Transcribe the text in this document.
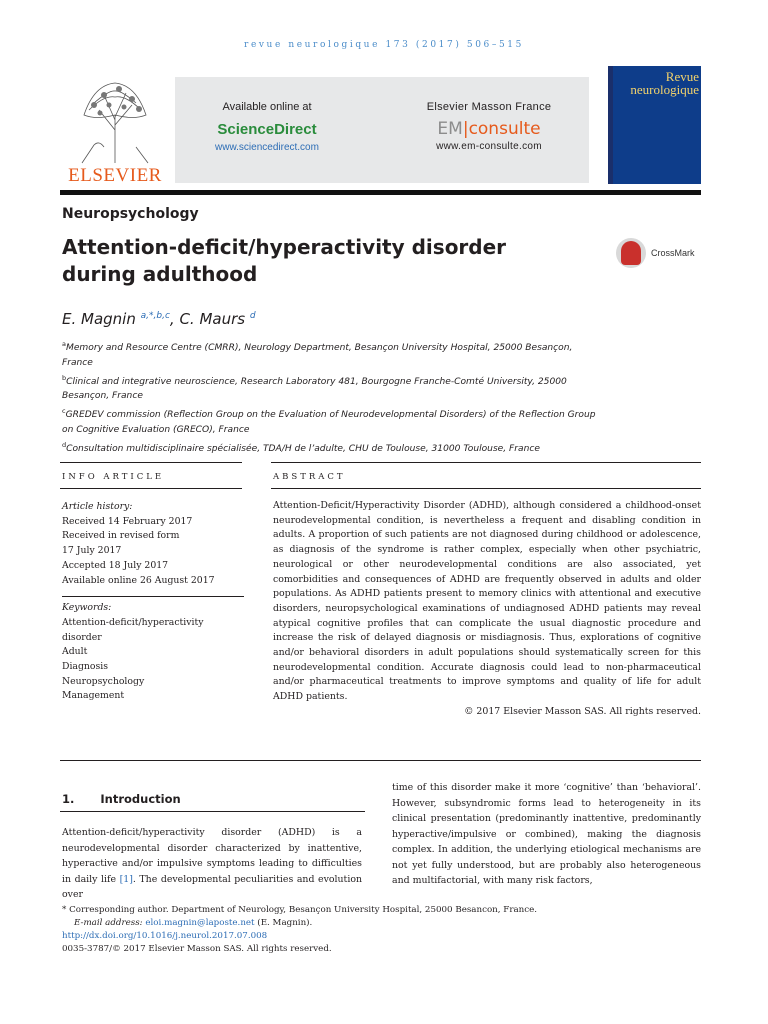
revue neurologique 173 (2017) 506–515
ELSEVIER
Available online at
ScienceDirect
www.sciencedirect.com
Elsevier Masson France
EM|consulte
www.em-consulte.com
Revue
neurologique
Neuropsychology
Attention-deficit/hyperactivity disorder during adulthood
CrossMark
E. Magnin $^{a,*,b,c}$, C. Maurs $^d$
$^a$Memory and Resource Centre (CMRR), Neurology Department, Besançon University Hospital, 25000 Besançon, France
$^b$Clinical and integrative neuroscience, Research Laboratory 481, Bourgogne Franche-Comté University, 25000 Besançon, France
$^c$GREDEV commission (Reflection Group on the Evaluation of Neurodevelopmental Disorders) of the Reflection Group on Cognitive Evaluation (GRECO), France
$^d$Consultation multidisciplinaire spécialisée, TDA/H de l’adulte, CHU de Toulouse, 31000 Toulouse, France
INFO ARTICLE	ABSTRACT
Article history:
Received 14 February 2017
Received in revised form
17 July 2017
Accepted 18 July 2017
Available online 26 August 2017
Keywords:
Attention-deficit/hyperactivity
disorder
Adult
Diagnosis
Neuropsychology
Management
Attention-Deficit/Hyperactivity Disorder (ADHD), although considered a childhood-onset neurodevelopmental condition, is nevertheless a frequent and disabling condition in adults. A proportion of such patients are not diagnosed during childhood or adolescence, as diagnosis of the syndrome is rather complex, especially when other psychiatric, neurological or other neurodevelopmental conditions are also associated, yet comorbidities and consequences of ADHD are frequently observed in adults and older populations. As ADHD patients present to memory clinics with attentional and executive disorders, neuropsychological examinations of undiagnosed ADHD patients may reveal atypical cognitive profiles that can complicate the usual diagnostic procedure and increase the risk of delayed diagnosis or misdiagnosis. Thus, explorations of cognitive and/or behavioral disorders in adult populations should systematically screen for this neurodevelopmental condition. Accurate diagnosis could lead to non-pharmaceutical and/or pharmaceutical treatments to improve symptoms and quality of life for adult ADHD patients.
© 2017 Elsevier Masson SAS. All rights reserved.
1. Introduction
Attention-deficit/hyperactivity disorder (ADHD) is a neurodevelopmental disorder characterized by inattentive, hyperactive and/or impulsive symptoms leading to difficulties in daily life [1]. The developmental peculiarities and evolution over
time of this disorder make it more ‘cognitive’ than ‘behavioral’. However, subsyndromic forms lead to heterogeneity in its clinical presentation (predominantly inattentive, predominantly hyperactive/impulsive or combined), making the diagnosis complex. In addition, the underlying etiological mechanisms are not yet fully understood, but are probably also heterogeneous and multifactorial, with many risk factors,
* Corresponding author. Department of Neurology, Besançon University Hospital, 25000 Besancon, France.
E-mail address: eloi.magnin@laposte.net (E. Magnin).
http://dx.doi.org/10.1016/j.neurol.2017.07.008
0035-3787/© 2017 Elsevier Masson SAS. All rights reserved.
